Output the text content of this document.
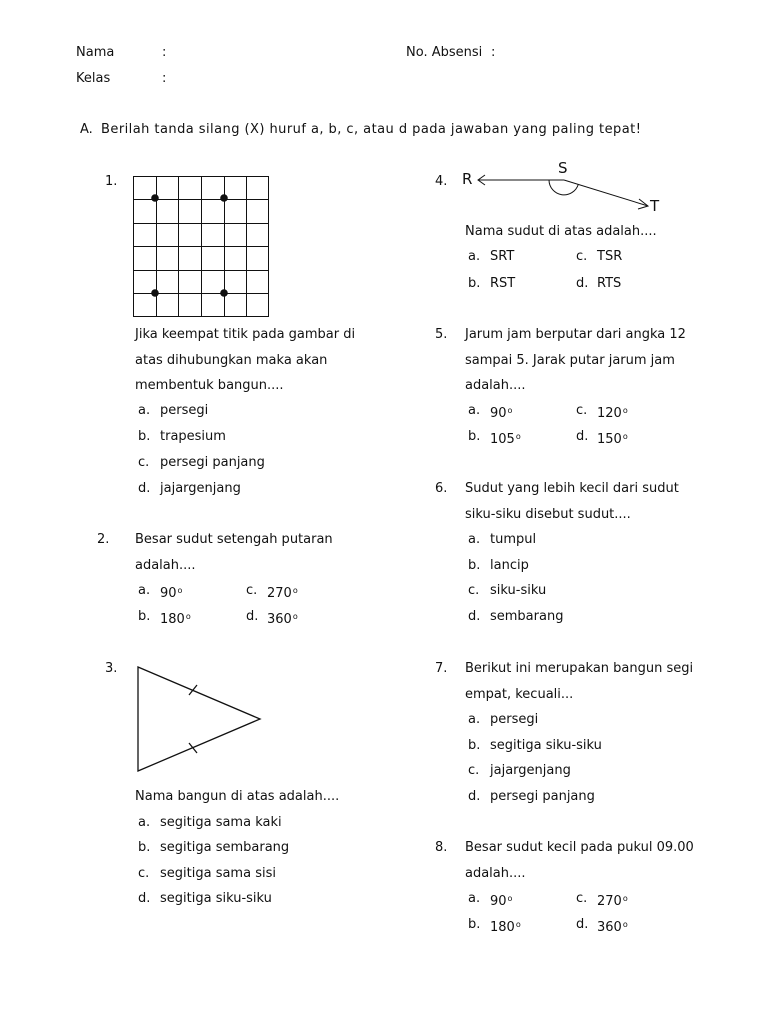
Nama	:
Kelas	:
No. Absensi :
A. Berilah tanda silang (X) huruf a, b, c, atau d pada jawaban yang paling tepat!
1.
Jika keempat titik pada gambar di
atas dihubungkan maka akan
membentuk bangun....
a. persegi
b. trapesium
c. persegi panjang
d. jajargenjang
2. Besar sudut setengah putaran
adalah....
a. 90$^o$	c. 270$^o$
b. 180$^o$	d. 360$^o$
3.
Nama bangun di atas adalah....
a. segitiga sama kaki
b. segitiga sembarang
c. segitiga sama sisi
d. segitiga siku-siku
4. R
S
T
Nama sudut di atas adalah....
a. SRT	c. TSR
b. RST	d. RTS
5. Jarum jam berputar dari angka 12
sampai 5. Jarak putar jarum jam
adalah....
a. 90$^o$	c. 120$^o$
b. 105$^o$	d. 150$^o$
6. Sudut yang lebih kecil dari sudut
siku-siku disebut sudut....
a. tumpul
b. lancip
c. siku-siku
d. sembarang
7. Berikut ini merupakan bangun segi
empat, kecuali...
a. persegi
b. segitiga siku-siku
c. jajargenjang
d. persegi panjang
8. Besar sudut kecil pada pukul 09.00
adalah....
a. 90$^o$	c. 270$^o$
b. 180$^o$	d. 360$^o$
